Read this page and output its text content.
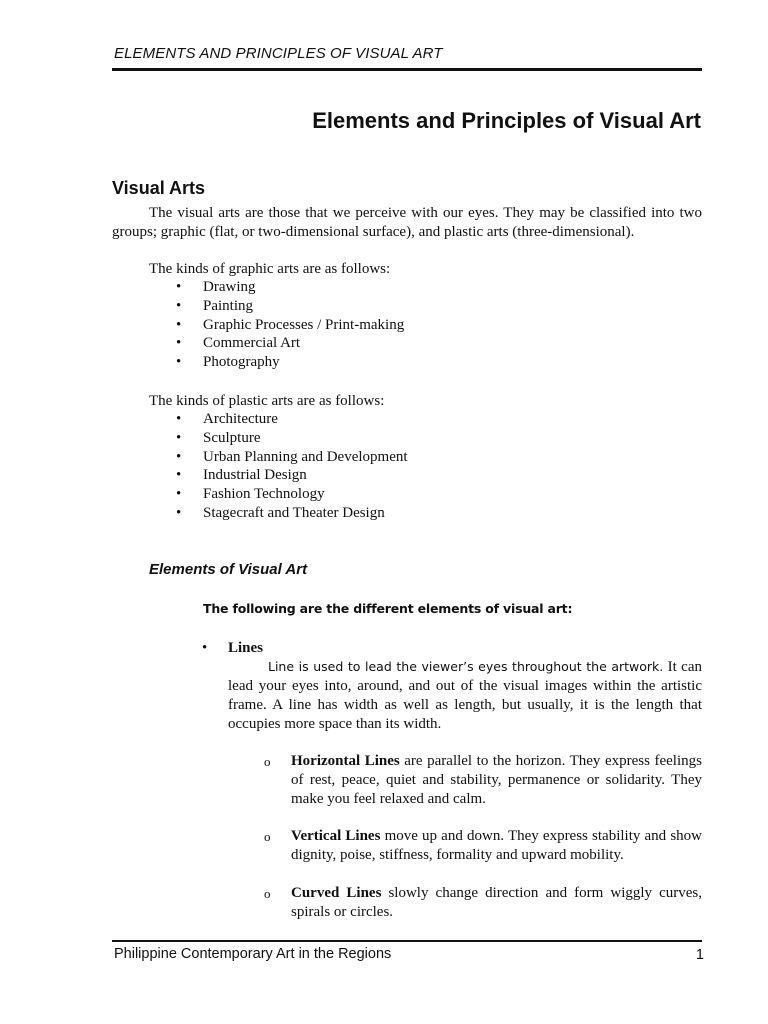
ELEMENTS AND PRINCIPLES OF VISUAL ART
Elements and Principles of Visual Art
Visual Arts

The visual arts are those that we perceive with our eyes. They may be classified into two groups; graphic (flat, or two-dimensional surface), and plastic arts (three-dimensional).

The kinds of graphic arts are as follows:

• Drawing
• Painting
• Graphic Processes / Print-making
• Commercial Art
• Photography

The kinds of plastic arts are as follows:

• Architecture
• Sculpture
• Urban Planning and Development
• Industrial Design
• Fashion Technology
• Stagecraft and Theater Design
Elements of Visual Art
The following are the different elements of visual art:
• Lines

Line is used to lead the viewer’s eyes throughout the artwork. It can lead your eyes into, around, and out of the visual images within the artistic frame. A line has width as well as length, but usually, it is the length that occupies more space than its width.

o Horizontal Lines are parallel to the horizon. They express feelings of rest, peace, quiet and stability, permanence or solidarity. They make you feel relaxed and calm.

o Vertical Lines move up and down. They express stability and show dignity, poise, stiffness, formality and upward mobility.

o Curved Lines slowly change direction and form wiggly curves, spirals or circles.

Philippine Contemporary Art in the Regions	1
